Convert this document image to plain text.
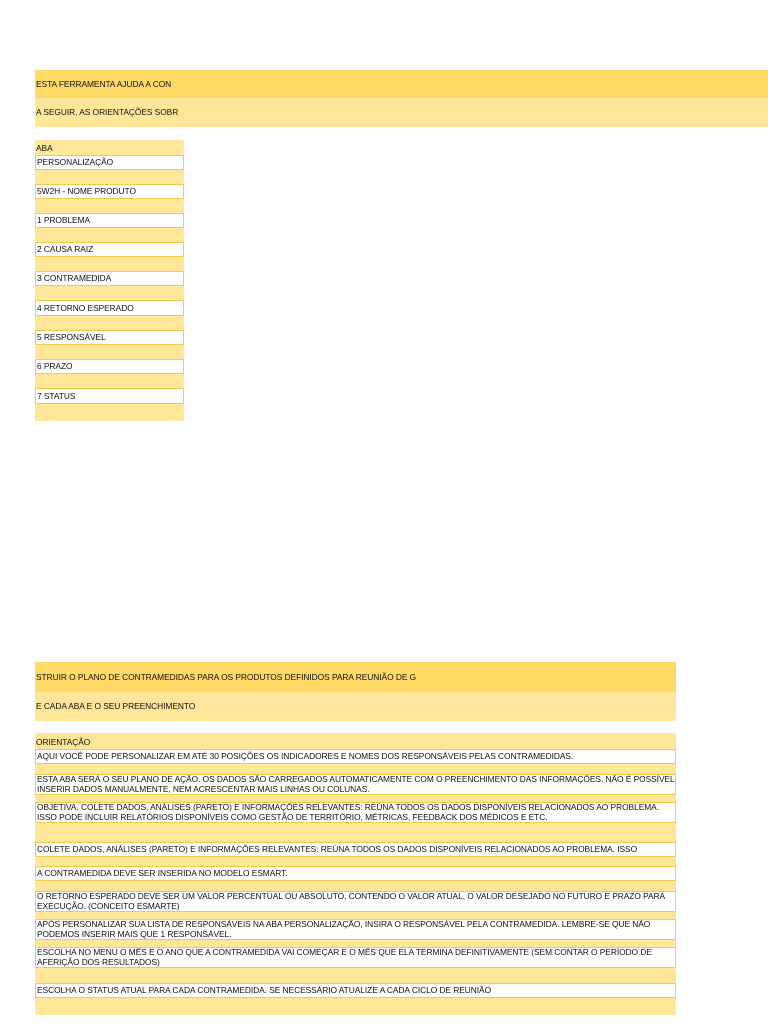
ESTA FERRAMENTA AJUDA A CON
A SEGUIR, AS ORIENTAÇÕES SOBR
ABA
PERSONALIZAÇÃO
5W2H - NOME PRODUTO
1 PROBLEMA
2 CAUSA RAIZ
3 CONTRAMEDIDA
4 RETORNO ESPERADO
5 RESPONSÁVEL
6 PRAZO
7 STATUS
STRUIR O PLANO DE CONTRAMEDIDAS PARA OS PRODUTOS DEFINIDOS PARA REUNIÃO DE G
E CADA ABA E O SEU PREENCHIMENTO
ORIENTAÇÃO
AQUI VOCÊ PODE PERSONALIZAR EM ATÉ 30 POSIÇÕES OS INDICADORES E NOMES DOS RESPONSÁVEIS PELAS CONTRAMEDIDAS.
ESTA ABA SERÁ O SEU PLANO DE AÇÃO. OS DADOS SÃO CARREGADOS AUTOMATICAMENTE COM O PREENCHIMENTO DAS INFORMAÇÕES. NÃO É POSSÍVEL INSERIR DADOS MANUALMENTE, NEM ACRESCENTAR MAIS LINHAS OU COLUNAS.
OBJETIVA. COLETE DADOS, ANÁLISES (PARETO) E INFORMAÇÕES RELEVANTES: REÚNA TODOS OS DADOS DISPONÍVEIS RELACIONADOS AO PROBLEMA. ISSO PODE INCLUIR RELATÓRIOS DISPONÍVEIS COMO GESTÃO DE TERRITÓRIO, MÉTRICAS, FEEDBACK DOS MÉDICOS E ETC.
COLETE DADOS, ANÁLISES (PARETO) E INFORMAÇÕES RELEVANTES: REÚNA TODOS OS DADOS DISPONÍVEIS RELACIONADOS AO PROBLEMA. ISSO
A CONTRAMEDIDA DEVE SER INSERIDA NO MODELO ESMART.
O RETORNO ESPERADO DEVE SER UM VALOR PERCENTUAL OU ABSOLUTO, CONTENDO O VALOR ATUAL, O VALOR DESEJADO NO FUTURO E PRAZO PARA EXECUÇÃO. (CONCEITO ESMARTE)
APÓS PERSONALIZAR SUA LISTA DE RESPONSÁVEIS NA ABA PERSONALIZAÇÃO, INSIRA O RESPONSÁVEL PELA CONTRAMEDIDA. LEMBRE-SE QUE NÃO PODEMOS INSERIR MAIS QUE 1 RESPONSÁVEL.
ESCOLHA NO MENU O MÊS E O ANO QUE A CONTRAMEDIDA VAI COMEÇAR E O MÊS QUE ELA TERMINA DEFINITIVAMENTE (SEM CONTAR O PERÍODO DE AFERIÇÃO DOS RESULTADOS)
ESCOLHA O STATUS ATUAL PARA CADA CONTRAMEDIDA. SE NECESSÁRIO ATUALIZE A CADA CICLO DE REUNIÃO
